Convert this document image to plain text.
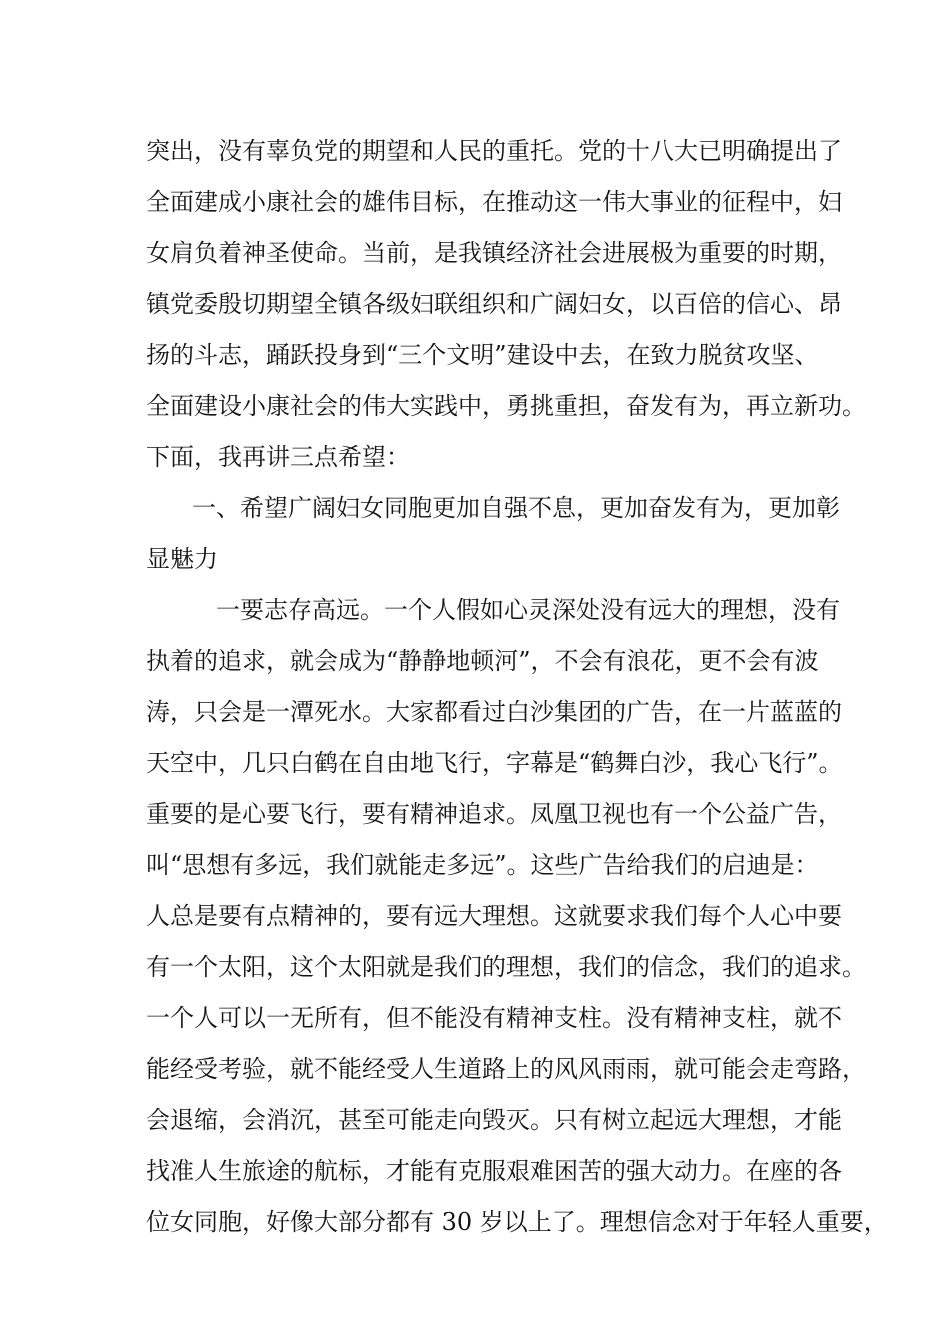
突出，没有辜负党的期望和人民的重托。党的十八大已明确提出了
全面建成小康社会的雄伟目标，在推动这一伟大事业的征程中，妇
女肩负着神圣使命。当前，是我镇经济社会进展极为重要的时期，
镇党委殷切期望全镇各级妇联组织和广阔妇女，以百倍的信心、昂
扬的斗志，踊跃投身到“三个文明”建设中去，在致力脱贫攻坚、
全面建设小康社会的伟大实践中，勇挑重担，奋发有为，再立新功。
下面，我再讲三点希望：
一、希望广阔妇女同胞更加自强不息，更加奋发有为，更加彰
显魅力
一要志存高远。一个人假如心灵深处没有远大的理想，没有
执着的追求，就会成为“静静地顿河”，不会有浪花，更不会有波
涛，只会是一潭死水。大家都看过白沙集团的广告，在一片蓝蓝的
天空中，几只白鹤在自由地飞行，字幕是“鹤舞白沙，我心飞行”。
重要的是心要飞行，要有精神追求。凤凰卫视也有一个公益广告，
叫“思想有多远，我们就能走多远”。这些广告给我们的启迪是：
人总是要有点精神的，要有远大理想。这就要求我们每个人心中要
有一个太阳，这个太阳就是我们的理想，我们的信念，我们的追求。
一个人可以一无所有，但不能没有精神支柱。没有精神支柱，就不
能经受考验，就不能经受人生道路上的风风雨雨，就可能会走弯路，
会退缩，会消沉，甚至可能走向毁灭。只有树立起远大理想，才能
找准人生旅途的航标，才能有克服艰难困苦的强大动力。在座的各
位女同胞，好像大部分都有 30 岁以上了。理想信念对于年轻人重要，
